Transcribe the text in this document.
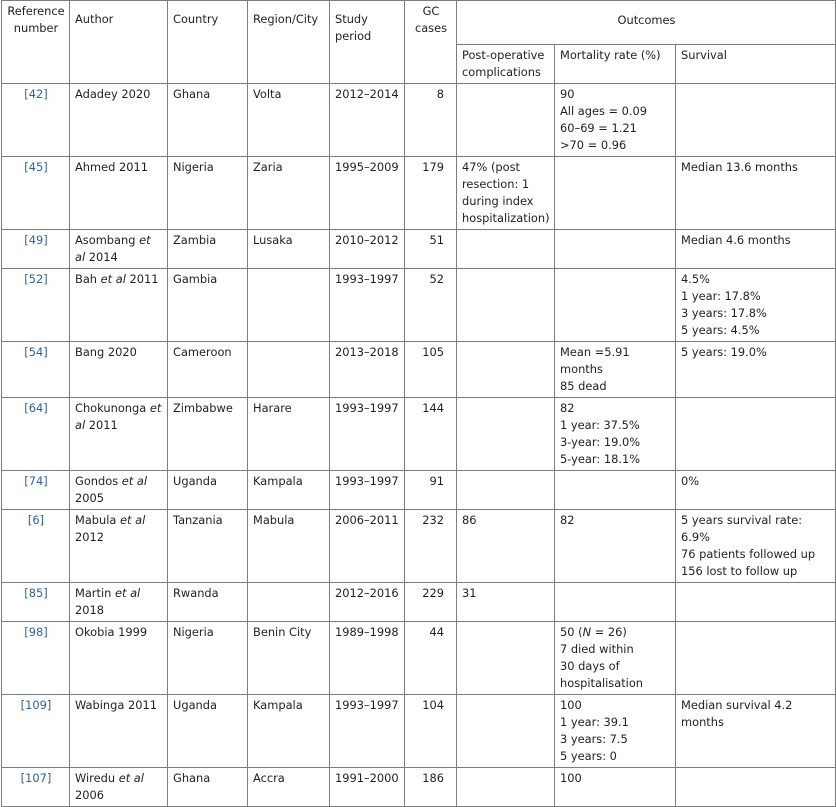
Reference number	Author	Country	Region/City	Study period	GC cases	Outcomes		
						Post-operative complications	Mortality rate (%)	Survival
[42]	Adadey 2020	Ghana	Volta	2012–2014	8		90
All ages = 0.09
60–69 = 1.21
>70 = 0.96	

[45]	Ahmed 2011	Nigeria	Zaria	1995–2009	179	47% (post
resection: 1
during index
hospitalization)		Median 13.6 months

[49]	Asombang et al 2014	Zambia	Lusaka	2010–2012	51			Median 4.6 months

[52]	Bah et al 2011	Gambia		1993–1997	52			4.5%
1 year: 17.8%
3 years: 17.8%
5 years: 4.5%

[54]	Bang 2020	Cameroon		2013–2018	105		Mean =5.91 months
85 dead	5 years: 19.0%

[64]	Chokunonga et al 2011	Zimbabwe	Harare	1993–1997	144		82
1 year: 37.5%
3-year: 19.0%
5-year: 18.1%	

[74]	Gondos et al 2005	Uganda	Kampala	1993–1997	91			0%

[6]	Mabula et al 2012	Tanzania	Mabula	2006–2011	232	86	82	5 years survival rate: 6.9%
76 patients followed up
156 lost to follow up

[85]	Martin et al 2018	Rwanda		2012–2016	229	31		

[98]	Okobia 1999	Nigeria	Benin City	1989–1998	44		50 (N = 26)
7 died within
30 days of
hospitalisation	

[109]	Wabinga 2011	Uganda	Kampala	1993–1997	104		100
1 year: 39.1
3 years: 7.5
5 years: 0	Median survival 4.2 months

[107]	Wiredu et al 2006	Ghana	Accra	1991–2000	186		100	
